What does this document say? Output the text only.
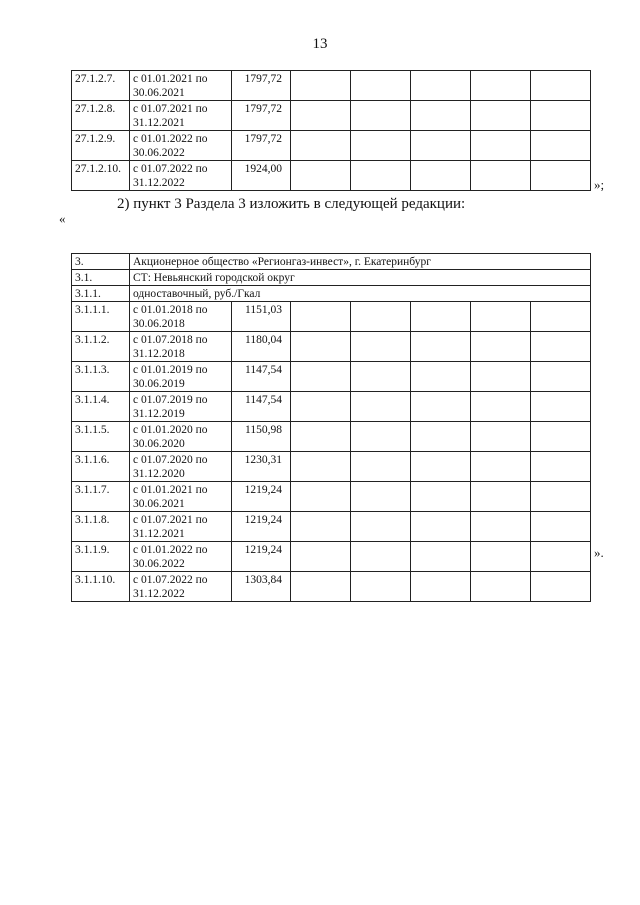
13
27.1.2.7.	с 01.01.2021 по 30.06.2021	1797,72					
27.1.2.8.	с 01.07.2021 по 31.12.2021	1797,72					
27.1.2.9.	с 01.01.2022 по 30.06.2022	1797,72					
27.1.2.10.	с 01.07.2022 по 31.12.2022	1924,00					
»;
2) пункт 3 Раздела 3 изложить в следующей редакции:
«
3.	Акционерное общество «Регионгаз-инвест», г. Екатеринбург						
3.1.	СТ: Невьянский городской округ						
3.1.1.	одноставочный, руб./Гкал						
3.1.1.1.	с 01.01.2018 по 30.06.2018	1151,03					
3.1.1.2.	с 01.07.2018 по 31.12.2018	1180,04					
3.1.1.3.	с 01.01.2019 по 30.06.2019	1147,54					
3.1.1.4.	с 01.07.2019 по 31.12.2019	1147,54					
3.1.1.5.	с 01.01.2020 по 30.06.2020	1150,98					
3.1.1.6.	с 01.07.2020 по 31.12.2020	1230,31					
3.1.1.7.	с 01.01.2021 по 30.06.2021	1219,24					
3.1.1.8.	с 01.07.2021 по 31.12.2021	1219,24					
3.1.1.9.	с 01.01.2022 по 30.06.2022	1219,24					
3.1.1.10.	с 01.07.2022 по 31.12.2022	1303,84					
».
